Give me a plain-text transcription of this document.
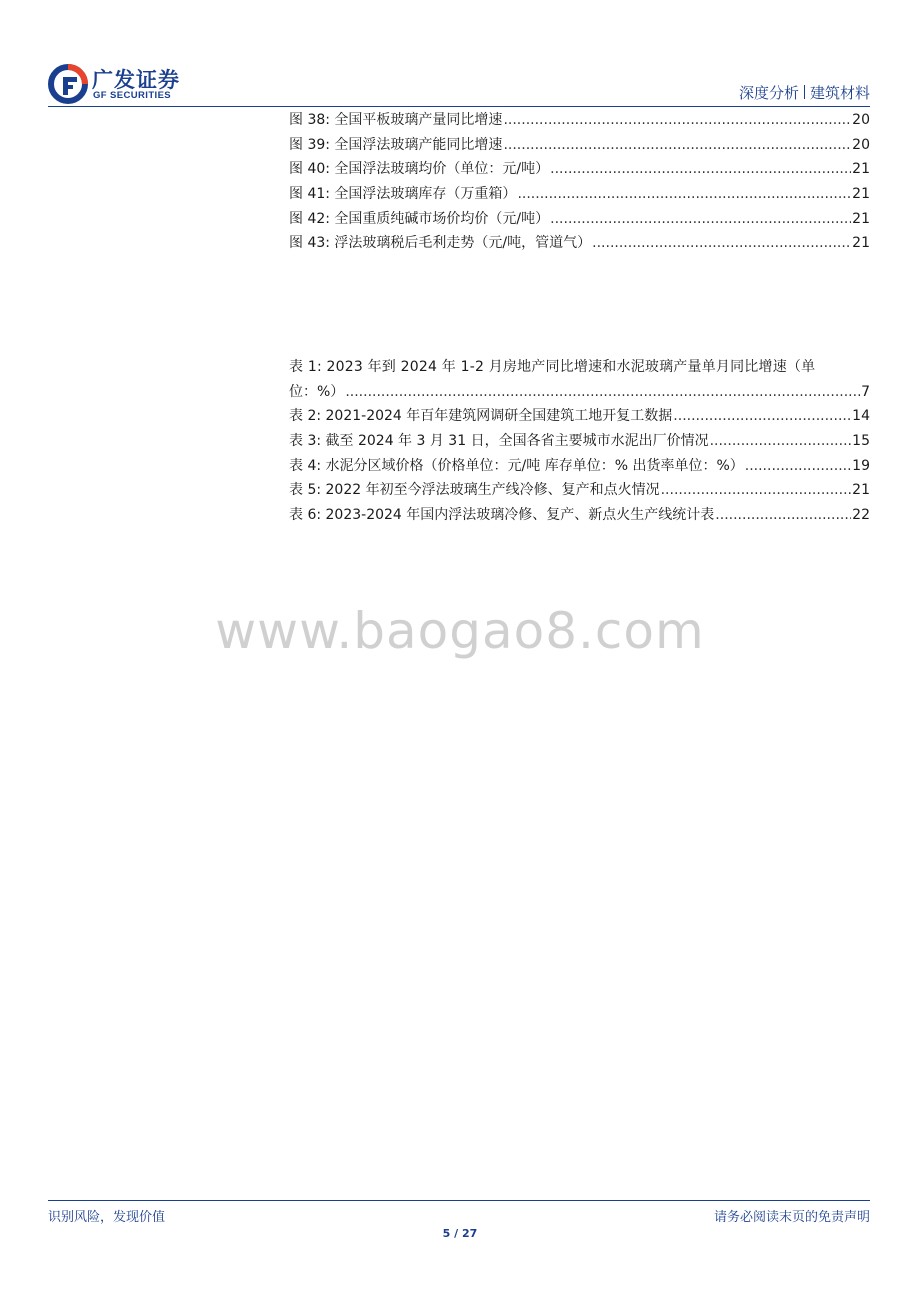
广发证券
GF SECURITIES	深度分析 建筑材料
图 38: 全国平板玻璃产量同比增速 .....	20
图 39: 全国浮法玻璃产能同比增速 .....	20
图 40: 全国浮法玻璃均价（单位：元/吨） .....	21
图 41: 全国浮法玻璃库存（万重箱） .....	21
图 42: 全国重质纯碱市场价均价（元/吨） .....	21
图 43: 浮法玻璃税后毛利走势（元/吨，管道气） .....	21
表 1: 2023 年到 2024 年 1-2 月房地产同比增速和水泥玻璃产量单月同比增速（单
位：%） .....	7
表 2: 2021-2024 年百年建筑网调研全国建筑工地开复工数据 .....	14
表 3: 截至 2024 年 3 月 31 日，全国各省主要城市水泥出厂价情况 .....	15
表 4: 水泥分区域价格（价格单位：元/吨 库存单位：% 出货率单位：%） .....	19
表 5: 2022 年初至今浮法玻璃生产线冷修、复产和点火情况 .....	21
表 6: 2023-2024 年国内浮法玻璃冷修、复产、新点火生产线统计表 .....	22
www.baogao8.com
识别风险，发现价值	请务必阅读末页的免责声明
5 / 27
